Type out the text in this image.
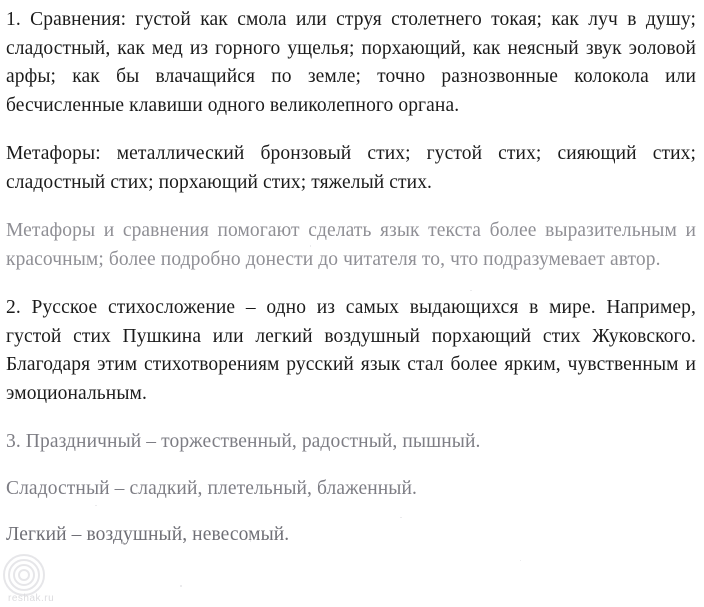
1. Сравнения: густой как смола или струя столетнего токая; как луч в душу; сладостный, как мед из горного ущелья; порхающий, как неясный звук эоловой арфы; как бы влачащийся по земле; точно разнозвонные колокола или бесчисленные клавиши одного великолепного органа.

Метафоры: металлический бронзовый стих; густой стих; сияющий стих; сладостный стих; порхающий стих; тяжелый стих.

Метафоры и сравнения помогают сделать язык текста более выразительным и красочным; более подробно донести до читателя то, что подразумевает автор.

2. Русское стихосложение – одно из самых выдающихся в мире. Например, густой стих Пушкина или легкий воздушный порхающий стих Жуковского. Благодаря этим стихотворениям русский язык стал более ярким, чувственным и эмоциональным.

3. Праздничный – торжественный, радостный, пышный.

Сладостный – сладкий, плетельный, блаженный.

Легкий – воздушный, невесомый.

reshak.ru
